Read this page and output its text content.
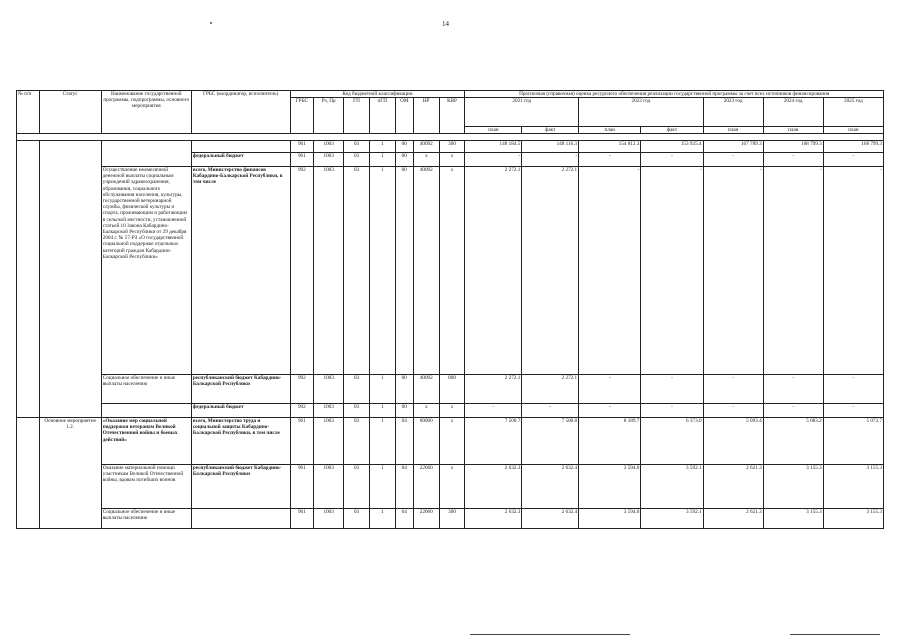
14
№ п/п	Статус	Наименование государственной программы, подпрограммы, основного мероприятия	ГРБС (координатор, исполнитель)	Код бюджетной классификации							Прогнозная (справочная) оценка ресурсного обеспечения реализации государственной программы за счет всех источников финансирования						
				ГРБС	Рз, Пр	ГП	пГП	ОМ	НР	КВР	2021 год		2022 год		2023 год	2024 год	2025 год
											план	факт	план	факт	план	план	план

				961	1003	03	1	00	40092	300	148 184.5	148 116.3	154 812.3	153 925.4	167 789.3	168 799.3	168 799.3
			федеральный бюджет	961	1003	03	1	00	x	x	-	-	-	-	-	-	-
		Осуществление ежемесячной денежной выплаты социальным учреждений здравоохранения, образования, социального обслуживания населения, культуры, государственной ветеринарной службы, физической культуры и спорта, проживающим и работающим в сельской местности, установленной статьей 10 Закона Кабардино-Балкарской Республики от 29 декабря 2004 г. № 57-РЗ «О государственной социальной поддержке отдельных категорий граждан Кабардино-Балкарской Республики»	всего, Министерство финансов Кабардино-Балкарской Республики, в том числе	992	1003	03	1	00	40092	x	2 272.1	2 272.1	-	-	-	-	-
		Социальное обеспечение и иные выплаты населению	республиканский бюджет Кабардино-Балкарской Республики	992	1003	03	1	00	40092	800	2 272.1	2 272.1	-	-	-	-	-
			федеральный бюджет	992	1003	03	1	00	x	x	-	-	-	-	-	-	-
	Основное мероприятие 1.2.	«Оказание мер социальной поддержки ветеранам Великой Отечественной войны и боевых действий»	всего, Министерство труда и социальной защиты Кабардино-Балкарской Республики, в том числе	961	1003	03	1	04	00000	x	7 500.7	7 500.8	8 189.7	6 373.0	5 093.4	5 083.2	5 073.7
		Оказание материальной помощи участникам Великой Отечественной войны, вдовам погибших воинов	республиканский бюджет Кабардино-Балкарской Республики	961	1003	03	1	04	22060	x	2 632.3	2 632.4	3 594.0	3 592.1	2 621.3	3 155.3	3 155.3
		Социальное обеспечение и иные выплаты населению		961	1003	03	1	04	22060	300	2 632.3	2 632.4	3 594.0	3 592.1	2 621.3	3 155.3	3 155.3
